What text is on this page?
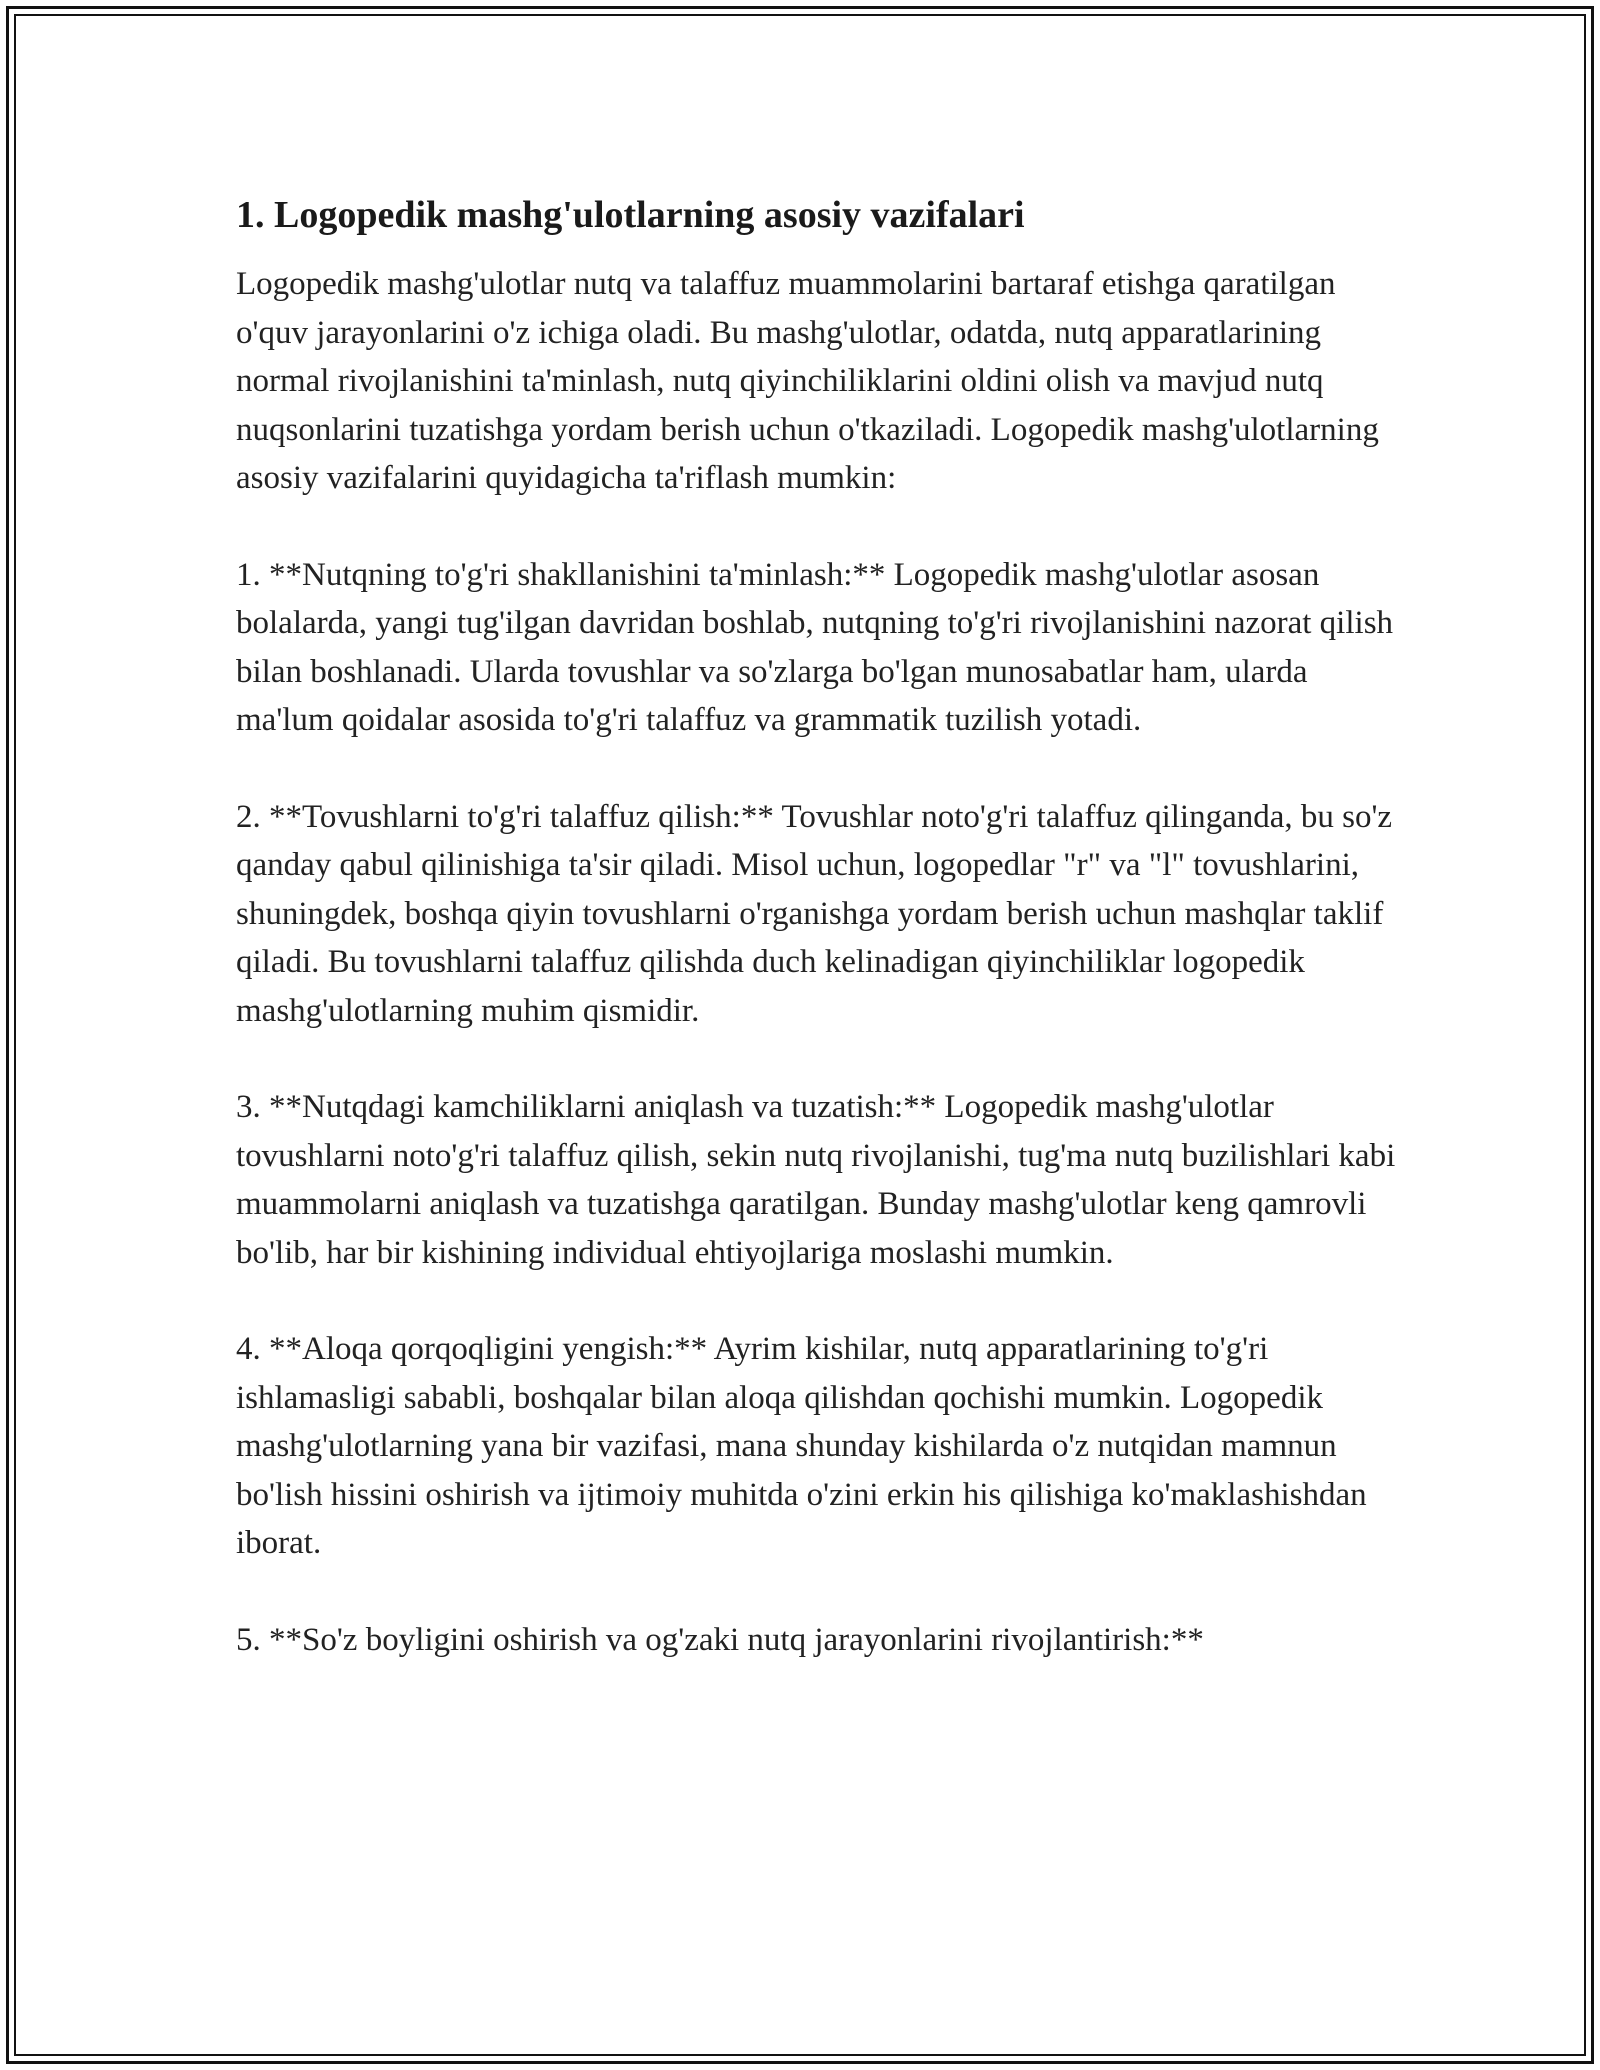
1. Logopedik mashg'ulotlarning asosiy vazifalari

Logopedik mashg'ulotlar nutq va talaffuz muammolarini bartaraf etishga qaratilgan o'quv jarayonlarini o'z ichiga oladi. Bu mashg'ulotlar, odatda, nutq apparatlarining normal rivojlanishini ta'minlash, nutq qiyinchiliklarini oldini olish va mavjud nutq nuqsonlarini tuzatishga yordam berish uchun o'tkaziladi. Logopedik mashg'ulotlarning asosiy vazifalarini quyidagicha ta'riflash mumkin:

1. **Nutqning to'g'ri shakllanishini ta'minlash:** Logopedik mashg'ulotlar asosan bolalarda, yangi tug'ilgan davridan boshlab, nutqning to'g'ri rivojlanishini nazorat qilish bilan boshlanadi. Ularda tovushlar va so'zlarga bo'lgan munosabatlar ham, ularda ma'lum qoidalar asosida to'g'ri talaffuz va grammatik tuzilish yotadi.

2. **Tovushlarni to'g'ri talaffuz qilish:** Tovushlar noto'g'ri talaffuz qilinganda, bu so'z qanday qabul qilinishiga ta'sir qiladi. Misol uchun, logopedlar "r" va "l" tovushlarini, shuningdek, boshqa qiyin tovushlarni o'rganishga yordam berish uchun mashqlar taklif qiladi. Bu tovushlarni talaffuz qilishda duch kelinadigan qiyinchiliklar logopedik mashg'ulotlarning muhim qismidir.

3. **Nutqdagi kamchiliklarni aniqlash va tuzatish:** Logopedik mashg'ulotlar tovushlarni noto'g'ri talaffuz qilish, sekin nutq rivojlanishi, tug'ma nutq buzilishlari kabi muammolarni aniqlash va tuzatishga qaratilgan. Bunday mashg'ulotlar keng qamrovli bo'lib, har bir kishining individual ehtiyojlariga moslashi mumkin.

4. **Aloqa qorqoqligini yengish:** Ayrim kishilar, nutq apparatlarining to'g'ri ishlamasligi sababli, boshqalar bilan aloqa qilishdan qochishi mumkin. Logopedik mashg'ulotlarning yana bir vazifasi, mana shunday kishilarda o'z nutqidan mamnun bo'lish hissini oshirish va ijtimoiy muhitda o'zini erkin his qilishiga ko'maklashishdan iborat.

5. **So'z boyligini oshirish va og'zaki nutq jarayonlarini rivojlantirish:**
